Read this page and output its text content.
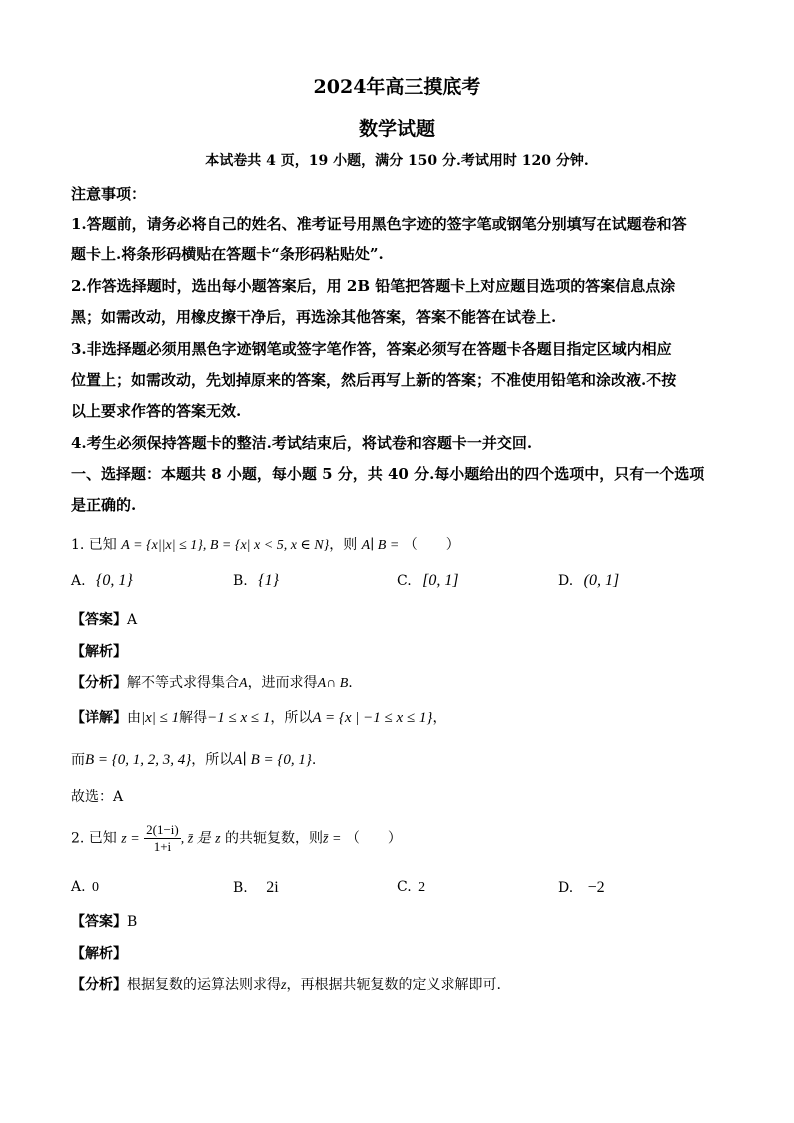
2024年高三摸底考
数学试题
本试卷共 4 页，19 小题，满分 150 分.考试用时 120 分钟.
注意事项：
1.答题前，请务必将自己的姓名、准考证号用黑色字迹的签字笔或钢笔分别填写在试题卷和答
题卡上.将条形码横贴在答题卡“条形码粘贴处”.
2.作答选择题时，选出每小题答案后，用 2B 铅笔把答题卡上对应题目选项的答案信息点涂
黑；如需改动，用橡皮擦干净后，再选涂其他答案，答案不能答在试卷上.
3.非选择题必须用黑色字迹钢笔或签字笔作答，答案必须写在答题卡各题目指定区域内相应
位置上；如需改动，先划掉原来的答案，然后再写上新的答案；不准使用铅笔和涂改液.不按
以上要求作答的答案无效.
4.考生必须保持答题卡的整洁.考试结束后，将试卷和容题卡一并交回.
一、选择题：本题共 8 小题，每小题 5 分，共 40 分.每小题给出的四个选项中，只有一个选项
是正确的.
1. 已知 A = {x||x| ≤ 1}, B = {x| x < 5, x ∈ N}，则 A∣ B = （　　）
A. {0, 1}	B. {1}	C. [0, 1]	D. (0, 1]
【答案】A
【解析】
【分析】解不等式求得集合A，进而求得A∩ B.
【详解】由|x| ≤ 1解得−1 ≤ x ≤ 1，所以A = {x | −1 ≤ x ≤ 1}，
而B = {0, 1, 2, 3, 4}，所以A∣ B = {0, 1}.
故选：A
2. 已知 $z = \frac{2(1-i)}{1+i}$ , z̄ 是 z 的共轭复数，则z̄ = （　　）
A. 0	B. 2i	C. 2	D. −2
【答案】B
【解析】
【分析】根据复数的运算法则求得z，再根据共轭复数的定义求解即可.
